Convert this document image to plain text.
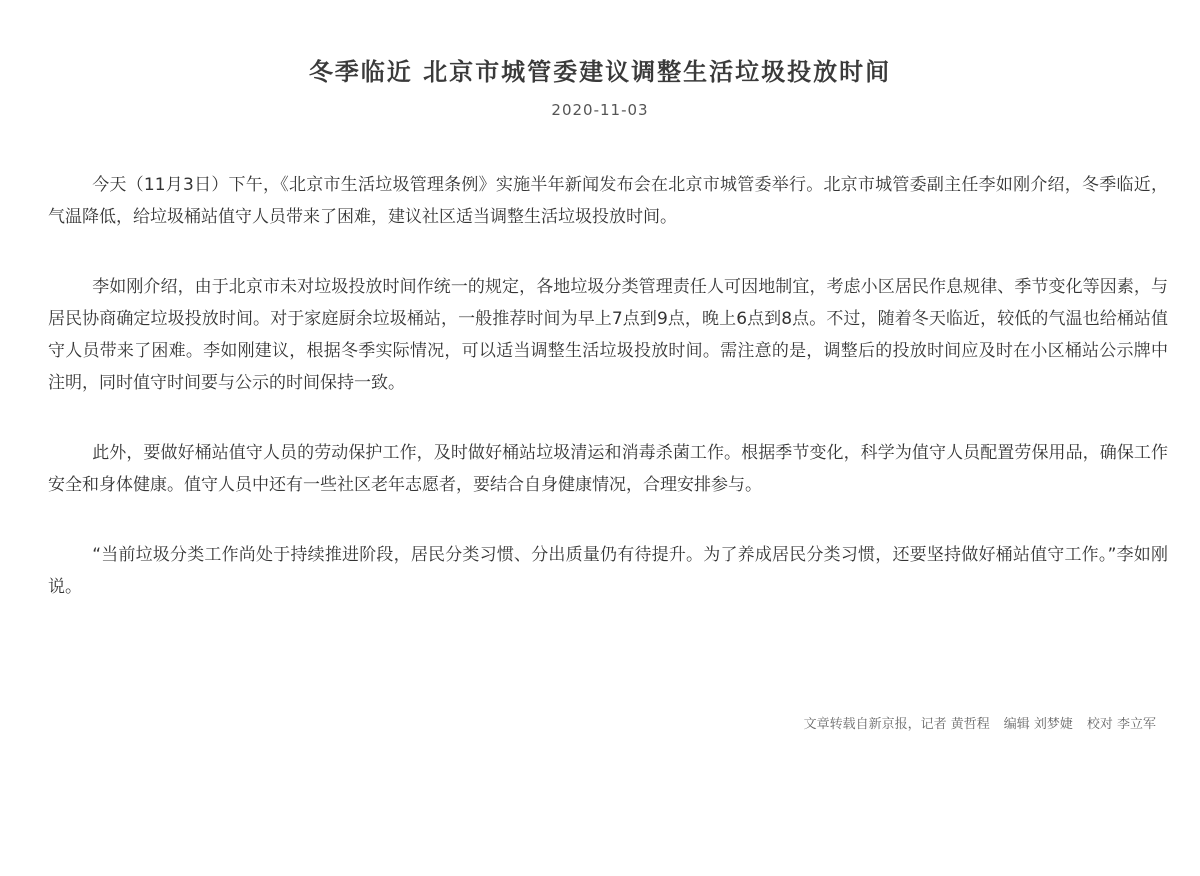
冬季临近 北京市城管委建议调整生活垃圾投放时间
2020-11-03

今天（11月3日）下午，《北京市生活垃圾管理条例》实施半年新闻发布会在北京市城管委举行。北京市城管委副主任李如刚介绍，冬季临近，气温降低，给垃圾桶站值守人员带来了困难，建议社区适当调整生活垃圾投放时间。

李如刚介绍，由于北京市未对垃圾投放时间作统一的规定，各地垃圾分类管理责任人可因地制宜，考虑小区居民作息规律、季节变化等因素，与居民协商确定垃圾投放时间。对于家庭厨余垃圾桶站，一般推荐时间为早上7点到9点，晚上6点到8点。不过，随着冬天临近，较低的气温也给桶站值守人员带来了困难。李如刚建议，根据冬季实际情况，可以适当调整生活垃圾投放时间。需注意的是，调整后的投放时间应及时在小区桶站公示牌中注明，同时值守时间要与公示的时间保持一致。

此外，要做好桶站值守人员的劳动保护工作，及时做好桶站垃圾清运和消毒杀菌工作。根据季节变化，科学为值守人员配置劳保用品，确保工作安全和身体健康。值守人员中还有一些社区老年志愿者，要结合自身健康情况，合理安排参与。

“当前垃圾分类工作尚处于持续推进阶段，居民分类习惯、分出质量仍有待提升。为了养成居民分类习惯，还要坚持做好桶站值守工作。”李如刚说。

文章转载自新京报，记者 黄哲程 编辑 刘梦婕 校对 李立军
